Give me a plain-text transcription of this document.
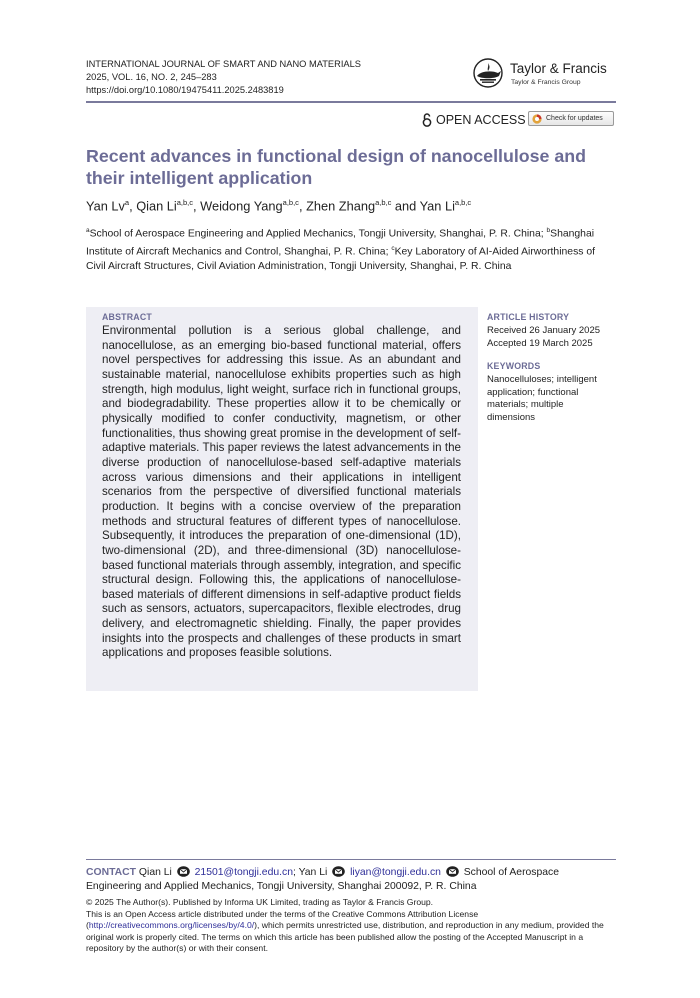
INTERNATIONAL JOURNAL OF SMART AND NANO MATERIALS
2025, VOL. 16, NO. 2, 245–283
https://doi.org/10.1080/19475411.2025.2483819
Taylor & Francis
Taylor & Francis Group
OPEN ACCESS	Check for updates
Recent advances in functional design of nanocellulose and their intelligent application
Yan Lv$^a$, Qian Li$^{a,b,c}$, Weidong Yang$^{a,b,c}$, Zhen Zhang$^{a,b,c}$ and Yan Li$^{a,b,c}$
$^a$School of Aerospace Engineering and Applied Mechanics, Tongji University, Shanghai, P. R. China; $^b$Shanghai Institute of Aircraft Mechanics and Control, Shanghai, P. R. China; $^c$Key Laboratory of AI-Aided Airworthiness of Civil Aircraft Structures, Civil Aviation Administration, Tongji University, Shanghai, P. R. China
ABSTRACT

Environmental pollution is a serious global challenge, and nanocellulose, as an emerging bio-based functional material, offers novel perspectives for addressing this issue. As an abundant and sustainable material, nanocellulose exhibits properties such as high strength, high modulus, light weight, surface rich in functional groups, and biodegradability. These properties allow it to be chemically or physically modified to confer conductivity, magnetism, or other functionalities, thus showing great promise in the development of self-adaptive materials. This paper reviews the latest advancements in the diverse production of nanocellulose-based self-adaptive materials across various dimensions and their applications in intelligent scenarios from the perspective of diversified functional materials production. It begins with a concise overview of the preparation methods and structural features of different types of nanocellulose. Subsequently, it introduces the preparation of one-dimensional (1D), two-dimensional (2D), and three-dimensional (3D) nanocellulose-based functional materials through assembly, integration, and specific structural design. Following this, the applications of nanocellulose-based materials of different dimensions in self-adaptive product fields such as sensors, actuators, supercapacitors, flexible electrodes, drug delivery, and electromagnetic shielding. Finally, the paper provides insights into the prospects and challenges of these products in smart applications and proposes feasible solutions.

ARTICLE HISTORY
Received 26 January 2025
Accepted 19 March 2025
KEYWORDS
Nanocelluloses; intelligent application; functional materials; multiple dimensions
CONTACT Qian Li 21501@tongji.edu.cn; Yan Li liyan@tongji.edu.cn School of Aerospace Engineering and Applied Mechanics, Tongji University, Shanghai 200092, P. R. China
© 2025 The Author(s). Published by Informa UK Limited, trading as Taylor & Francis Group.
This is an Open Access article distributed under the terms of the Creative Commons Attribution License (http://creativecommons.org/licenses/by/4.0/), which permits unrestricted use, distribution, and reproduction in any medium, provided the original work is properly cited. The terms on which this article has been published allow the posting of the Accepted Manuscript in a repository by the author(s) or with their consent.
